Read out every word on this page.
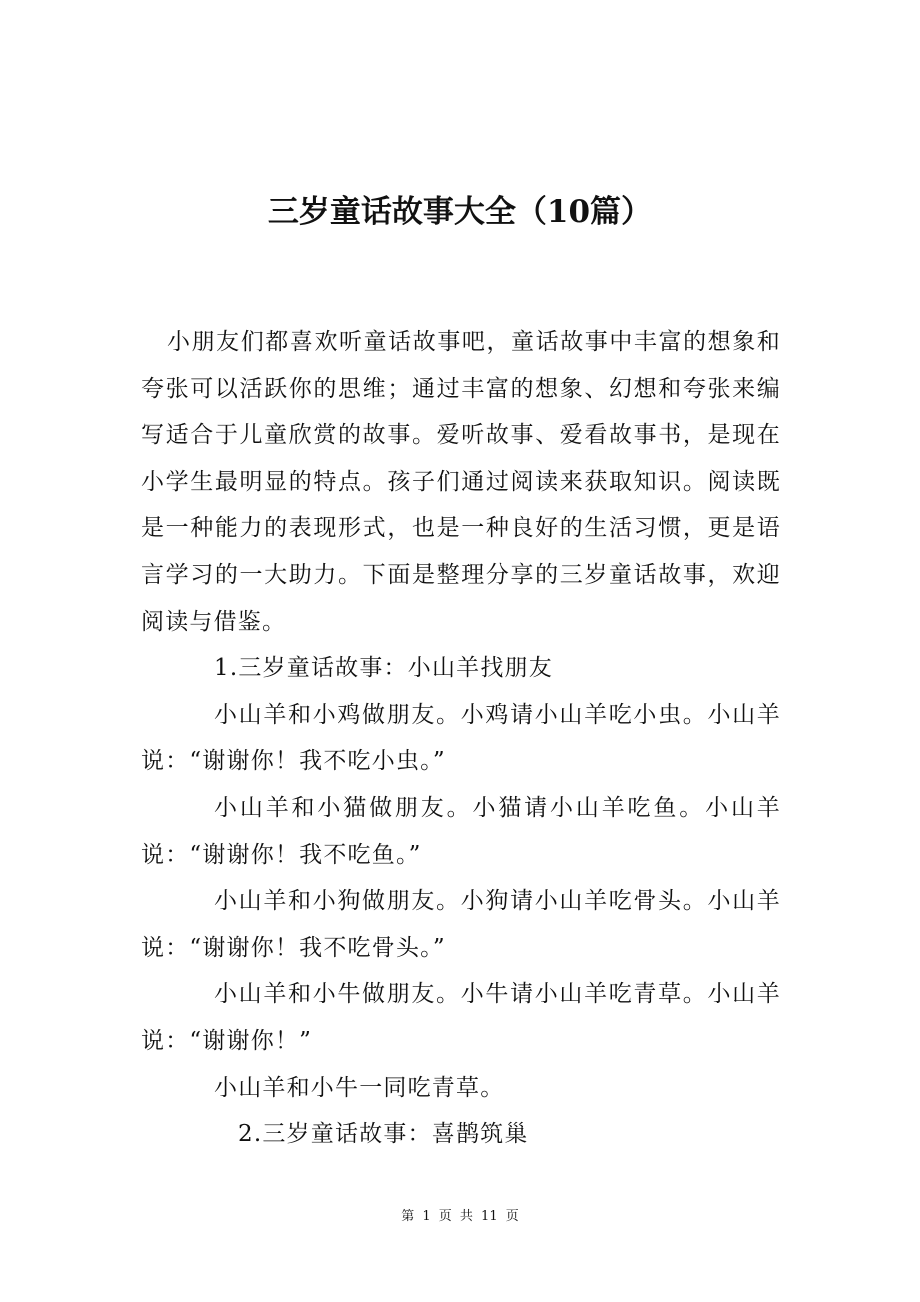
三岁童话故事大全（10篇）

小朋友们都喜欢听童话故事吧，童话故事中丰富的想象和夸张可以活跃你的思维；通过丰富的想象、幻想和夸张来编写适合于儿童欣赏的故事。爱听故事、爱看故事书，是现在小学生最明显的特点。孩子们通过阅读来获取知识。阅读既是一种能力的表现形式，也是一种良好的生活习惯，更是语言学习的一大助力。下面是整理分享的三岁童话故事，欢迎阅读与借鉴。

1.三岁童话故事：小山羊找朋友

小山羊和小鸡做朋友。小鸡请小山羊吃小虫。小山羊说：“谢谢你！我不吃小虫。”

小山羊和小猫做朋友。小猫请小山羊吃鱼。小山羊说：“谢谢你！我不吃鱼。”

小山羊和小狗做朋友。小狗请小山羊吃骨头。小山羊说：“谢谢你！我不吃骨头。”

小山羊和小牛做朋友。小牛请小山羊吃青草。小山羊说：“谢谢你！”

小山羊和小牛一同吃青草。

2.三岁童话故事：喜鹊筑巢

第 1 页 共 11 页
